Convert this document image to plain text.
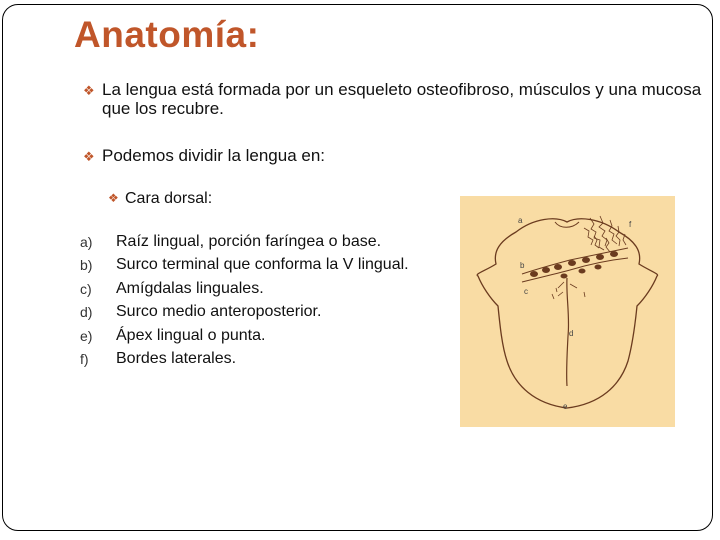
Anatomía:
❖ La lengua está formada por un esqueleto osteofibroso, músculos y una mucosa que los recubre.
❖ Podemos dividir la lengua en:
❖ Cara dorsal:
a) Raíz lingual, porción faríngea o base.
b) Surco terminal que conforma la V lingual.
c) Amígdalas linguales.
d) Surco medio anteroposterior.
e) Ápex lingual o punta.
f) Bordes laterales.
a
b
c
d
e
f
